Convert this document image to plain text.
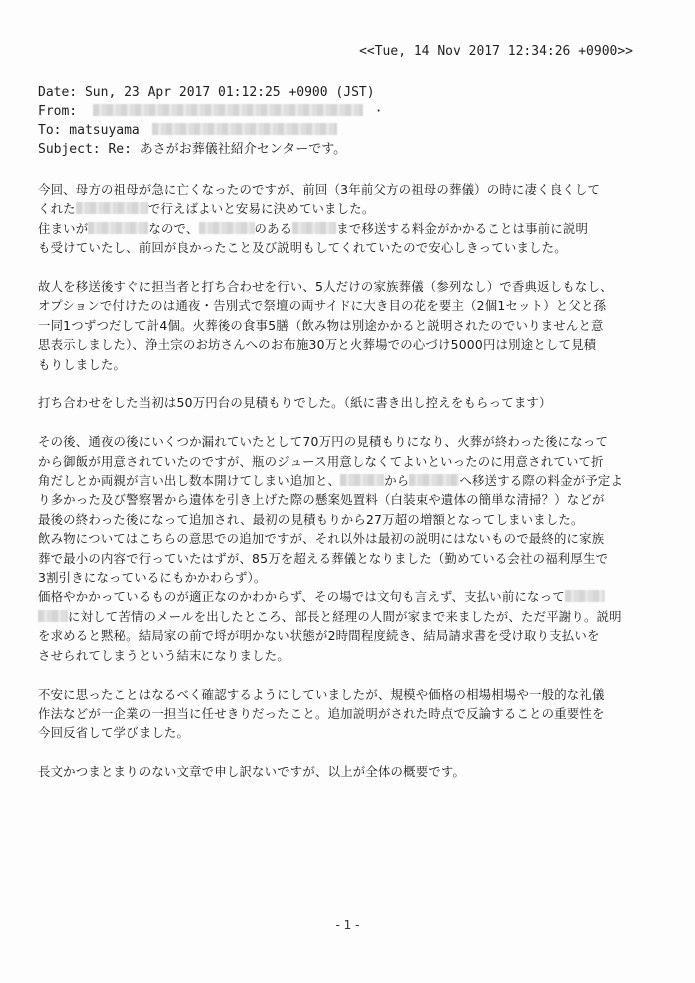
<<Tue, 14 Nov 2017 12:34:26 +0900>>
Date: Sun, 23 Apr 2017 01:12:25 +0900 (JST)
From:	·
To: matsuyama
Subject: Re: あさがお葬儀社紹介センターです。
今回、母方の祖母が急に亡くなったのですが、前回（3年前父方の祖母の葬儀）の時に凄く良くして
くれた	で行えばよいと安易に決めていました。
住まいが	なので、	のある	まで移送する料金がかかることは事前に説明
も受けていたし、前回が良かったこと及び説明もしてくれていたので安心しきっていました。
故人を移送後すぐに担当者と打ち合わせを行い、5人だけの家族葬儀（参列なし）で香典返しもなし、
オプションで付けたのは通夜・告別式で祭壇の両サイドに大き目の花を要主（2個1セット）と父と孫
一同1つずつだして計4個。火葬後の食事5膳（飲み物は別途かかると説明されたのでいりませんと意
思表示しました）、浄土宗のお坊さんへのお布施30万と火葬場での心づけ5000円は別途として見積
もりしました。
打ち合わせをした当初は50万円台の見積もりでした。（紙に書き出し控えをもらってます）
その後、通夜の後にいくつか漏れていたとして70万円の見積もりになり、火葬が終わった後になって
から御飯が用意されていたのですが、瓶のジュース用意しなくてよいといったのに用意されていて折
角だしとか両親が言い出し数本開けてしまい追加と、	から	へ移送する際の料金が予定よ
り多かった及び警察署から遺体を引き上げた際の懸案処置料（白装束や遺体の簡単な清掃？）などが
最後の終わった後になって追加され、最初の見積もりから27万超の増額となってしまいました。
飲み物についてはこちらの意思での追加ですが、それ以外は最初の説明にはないもので最終的に家族
葬で最小の内容で行っていたはずが、85万を超える葬儀となりました（勤めている会社の福利厚生で
3割引きになっているにもかかわらず）。
価格やかかっているものが適正なのかわからず、その場では文句も言えず、支払い前になって
に対して苦情のメールを出したところ、部長と経理の人間が家まで来ましたが、ただ平謝り。説明
を求めると黙秘。結局家の前で埒が明かない状態が2時間程度続き、結局請求書を受け取り支払いを
させられてしまうという結末になりました。
不安に思ったことはなるべく確認するようにしていましたが、規模や価格の相場相場や一般的な礼儀
作法などが一企業の一担当に任せきりだったこと。追加説明がされた時点で反論することの重要性を
今回反省して学びました。
長文かつまとまりのない文章で申し訳ないですが、以上が全体の概要です。
- 1 -
